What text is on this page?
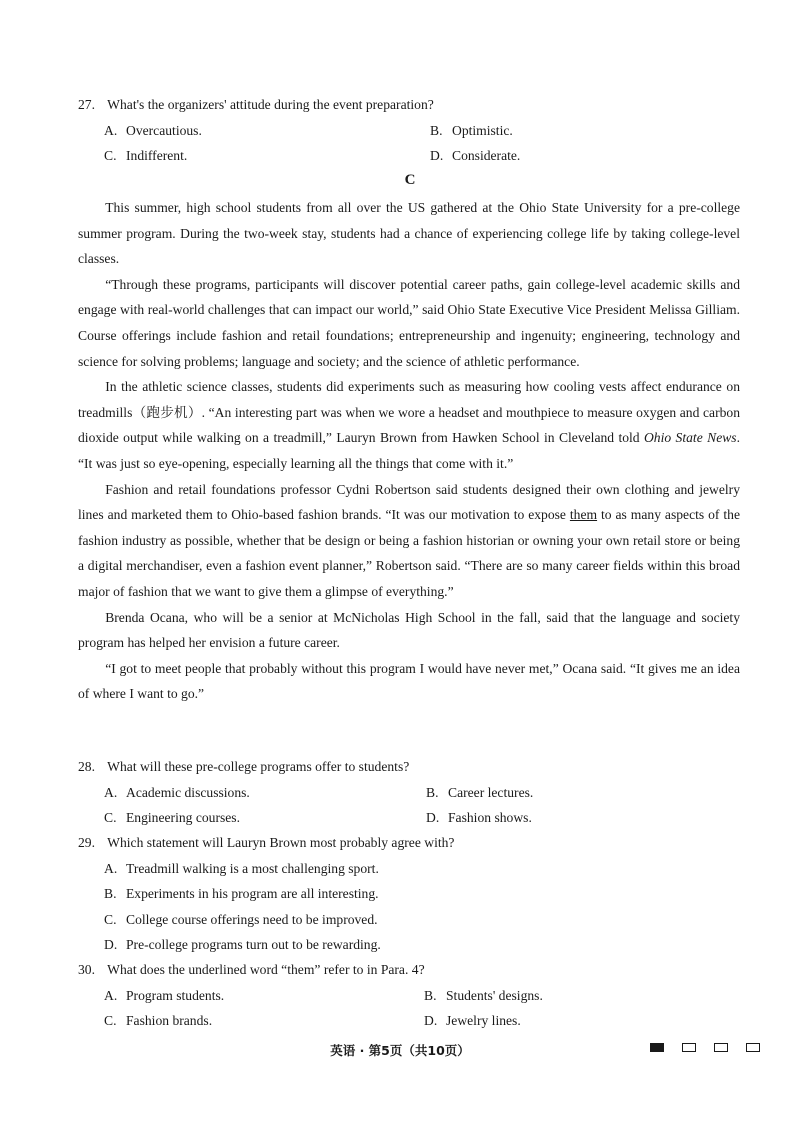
27. What's the organizers' attitude during the event preparation?
A. Overcautious.	B. Optimistic.
C. Indifferent.	D. Considerate.
C

This summer, high school students from all over the US gathered at the Ohio State University for a pre-college summer program. During the two-week stay, students had a chance of experiencing college life by taking college-level classes.

“Through these programs, participants will discover potential career paths, gain college-level academic skills and engage with real-world challenges that can impact our world,” said Ohio State Executive Vice President Melissa Gilliam. Course offerings include fashion and retail foundations; entrepreneurship and ingenuity; engineering, technology and science for solving problems; language and society; and the science of athletic performance.

In the athletic science classes, students did experiments such as measuring how cooling vests affect endurance on treadmills（跑步机）. “An interesting part was when we wore a headset and mouthpiece to measure oxygen and carbon dioxide output while walking on a treadmill,” Lauryn Brown from Hawken School in Cleveland told Ohio State News. “It was just so eye-opening, especially learning all the things that come with it.”

Fashion and retail foundations professor Cydni Robertson said students designed their own clothing and jewelry lines and marketed them to Ohio-based fashion brands. “It was our motivation to expose them to as many aspects of the fashion industry as possible, whether that be design or being a fashion historian or owning your own retail store or being a digital merchandiser, even a fashion event planner,” Robertson said. “There are so many career fields within this broad major of fashion that we want to give them a glimpse of everything.”

Brenda Ocana, who will be a senior at McNicholas High School in the fall, said that the language and society program has helped her envision a future career.

“I got to meet people that probably without this program I would have never met,” Ocana said. “It gives me an idea of where I want to go.”

28. What will these pre-college programs offer to students?
A. Academic discussions.	B. Career lectures.
C. Engineering courses.	D. Fashion shows.
29. Which statement will Lauryn Brown most probably agree with?
A. Treadmill walking is a most challenging sport.
B. Experiments in his program are all interesting.
C. College course offerings need to be improved.
D. Pre-college programs turn out to be rewarding.
30. What does the underlined word “them” refer to in Para. 4?
A. Program students.	B. Students' designs.
C. Fashion brands.	D. Jewelry lines.
英语 · 第5页（共10页）
